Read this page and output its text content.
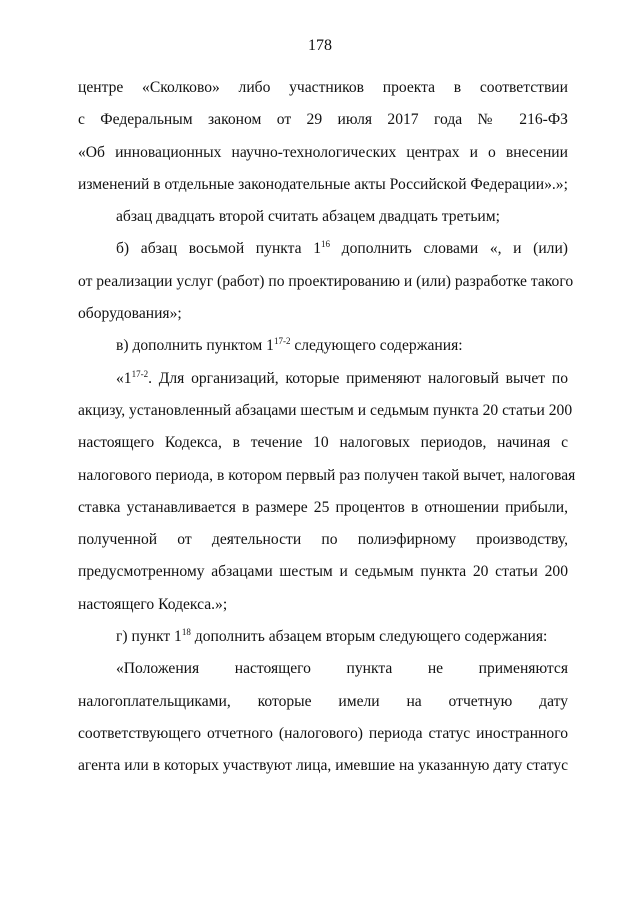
178
центре «Сколково» либо участников проекта в соответствии
с Федеральным законом от 29 июля 2017 года № 216-ФЗ
«Об инновационных научно-технологических центрах и о внесении
изменений в отдельные законодательные акты Российской Федерации».»;
абзац двадцать второй считать абзацем двадцать третьим;
б) абзац восьмой пункта $1^{16}$ дополнить словами «, и (или)
от реализации услуг (работ) по проектированию и (или) разработке такого
оборудования»;
в) дополнить пунктом 1$^{17-2}$ следующего содержания:
«1$^{17-2}$. Для организаций, которые применяют налоговый вычет по
акцизу, установленный абзацами шестым и седьмым пункта 20 статьи 200
настоящего Кодекса, в течение 10 налоговых периодов, начиная с
налогового периода, в котором первый раз получен такой вычет, налоговая
ставка устанавливается в размере 25 процентов в отношении прибыли,
полученной от деятельности по полиэфирному производству,
предусмотренному абзацами шестым и седьмым пункта 20 статьи 200
настоящего Кодекса.»;
г) пункт $1^{18}$ дополнить абзацем вторым следующего содержания:
«Положения настоящего пункта не применяются
налогоплательщиками, которые имели на отчетную дату
соответствующего отчетного (налогового) периода статус иностранного
агента или в которых участвуют лица, имевшие на указанную дату статус
